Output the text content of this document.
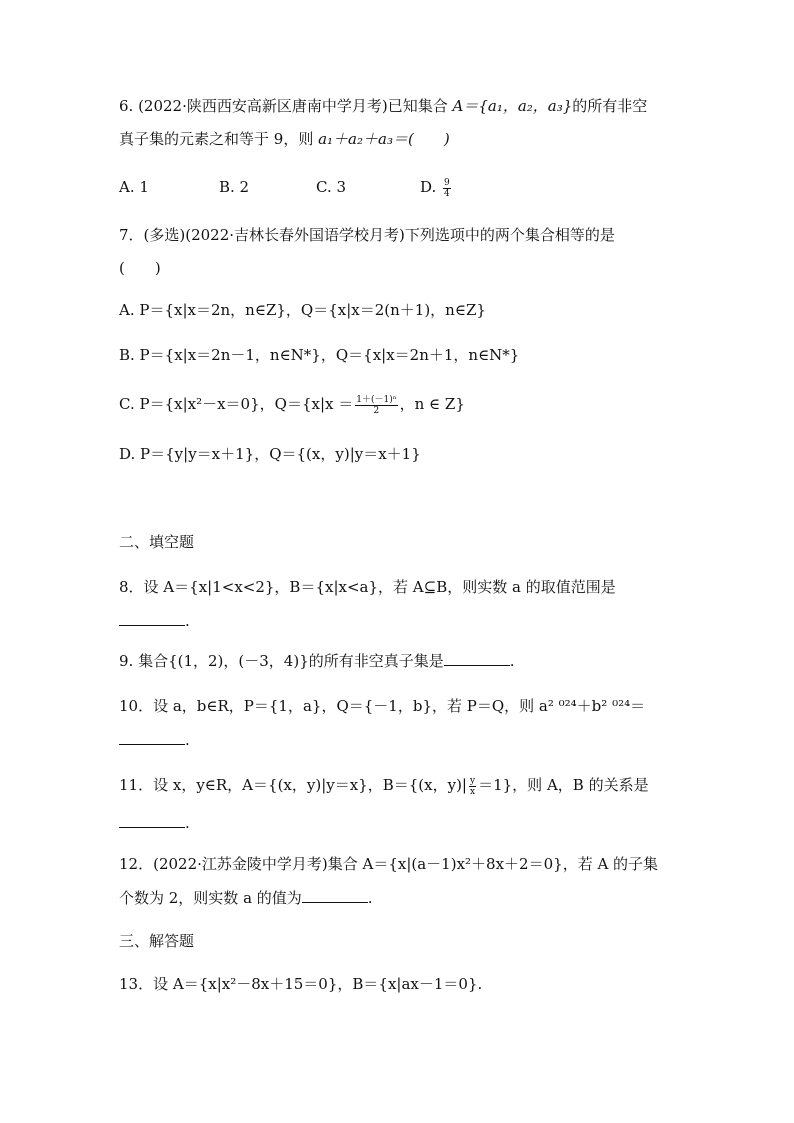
6. (2022·陕西西安高新区唐南中学月考)已知集合 A＝{a₁，a₂，a₃}的所有非空
真子集的元素之和等于 9，则 a₁＋a₂＋a₃＝(　　)
A. 1	B. 2	C. 3	D. $\frac{9}{4}$
7．(多选)(2022·吉林长春外国语学校月考)下列选项中的两个集合相等的是
(　　)
A. P＝{x|x＝2n，n∈Z}，Q＝{x|x＝2(n＋1)，n∈Z}
B. P＝{x|x＝2n－1，n∈N*}，Q＝{x|x＝2n＋1，n∈N*}
C. P＝{x|x²－x＝0}，$Q=\{x|x = \frac{\text{1＋(－1)ⁿ}}{2}$ ，n ∈ Z}
D. P＝{y|y＝x＋1}，Q＝{(x，y)|y＝x＋1}
二、填空题
8．设 A＝{x|1<x<2}，B＝{x|x<a}，若 A⊆B，则实数 a 的取值范围是
.
9. 集合{(1，2)，(－3，4)}的所有非空真子集是	.
10．设 a，b∈R，P＝{1，a}，Q＝{－1，b}，若 P＝Q，则 a² ⁰²⁴＋b² ⁰²⁴＝
.
11．设 x，y∈R，A＝{(x，y)|y＝x}，B＝{(x，$y)| \frac{y}{x} =1$}，则 A，B 的关系是
.
12．(2022·江苏金陵中学月考)集合 A＝{x|(a－1)x²＋8x＋2＝0}，若 A 的子集
个数为 2，则实数 a 的值为	.
三、解答题
13．设 A＝{x|x²－8x＋15＝0}，B＝{x|ax－1＝0}.
